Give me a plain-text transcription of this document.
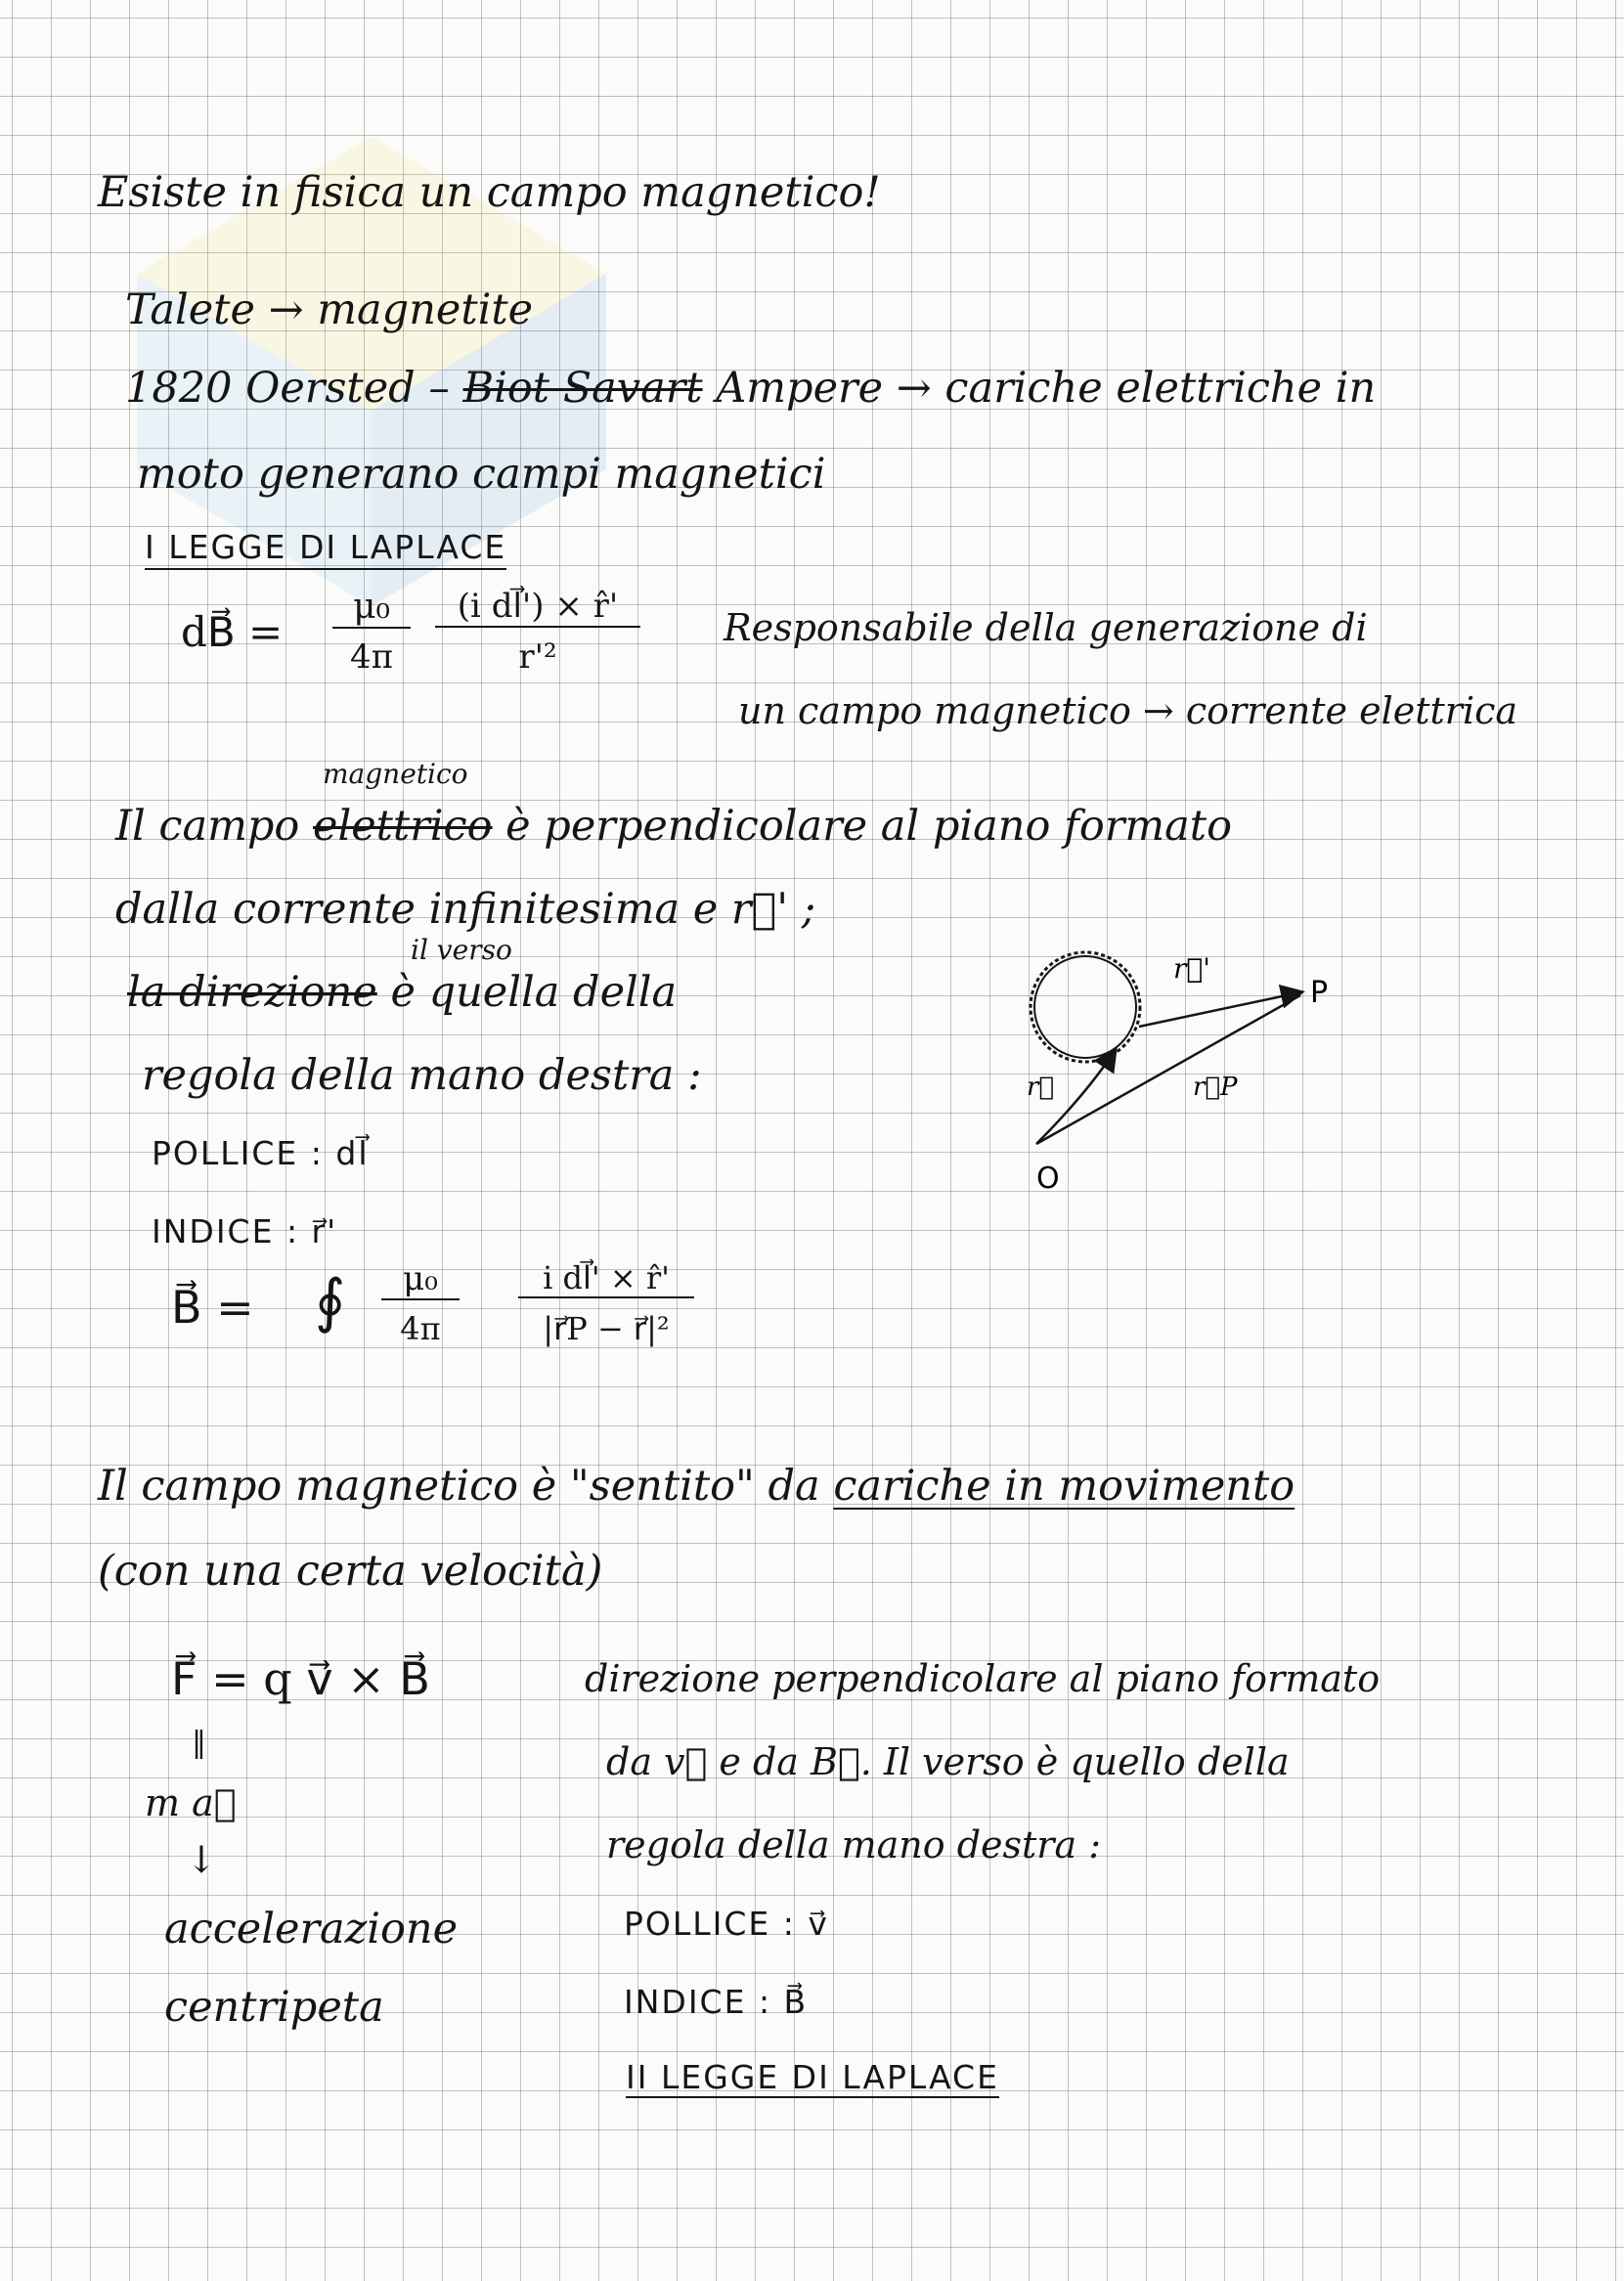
Esiste in fisica un campo magnetico!
Talete → magnetite
1820 Oersted – Biot Savart Ampere → cariche elettriche in
moto generano campi magnetici
I LEGGE DI LAPLACE
dB⃗ =
μ₀
4π
(i dl⃗') × r̂'
r'²
Responsabile della generazione di
un campo magnetico → corrente elettrica
magnetico
Il campo elettrico è perpendicolare al piano formato
dalla corrente infinitesima e r⃗' ;
il verso
la direzione è quella della
regola della mano destra :
POLLICE : dl⃗
INDICE : r⃗'
r⃗'
P
r⃗	r⃗P
O
B⃗ = ∮	μ₀
4π
i dl⃗' × r̂'
|r⃗P − r⃗|²
Il campo magnetico è "sentito" da cariche in movimento
(con una certa velocità)
F⃗ = q v⃗ × B⃗
‖
m a⃗
↓
accelerazione
centripeta
direzione perpendicolare al piano formato
da v⃗ e da B⃗. Il verso è quello della
regola della mano destra :
POLLICE : v⃗
INDICE : B⃗
II LEGGE DI LAPLACE
